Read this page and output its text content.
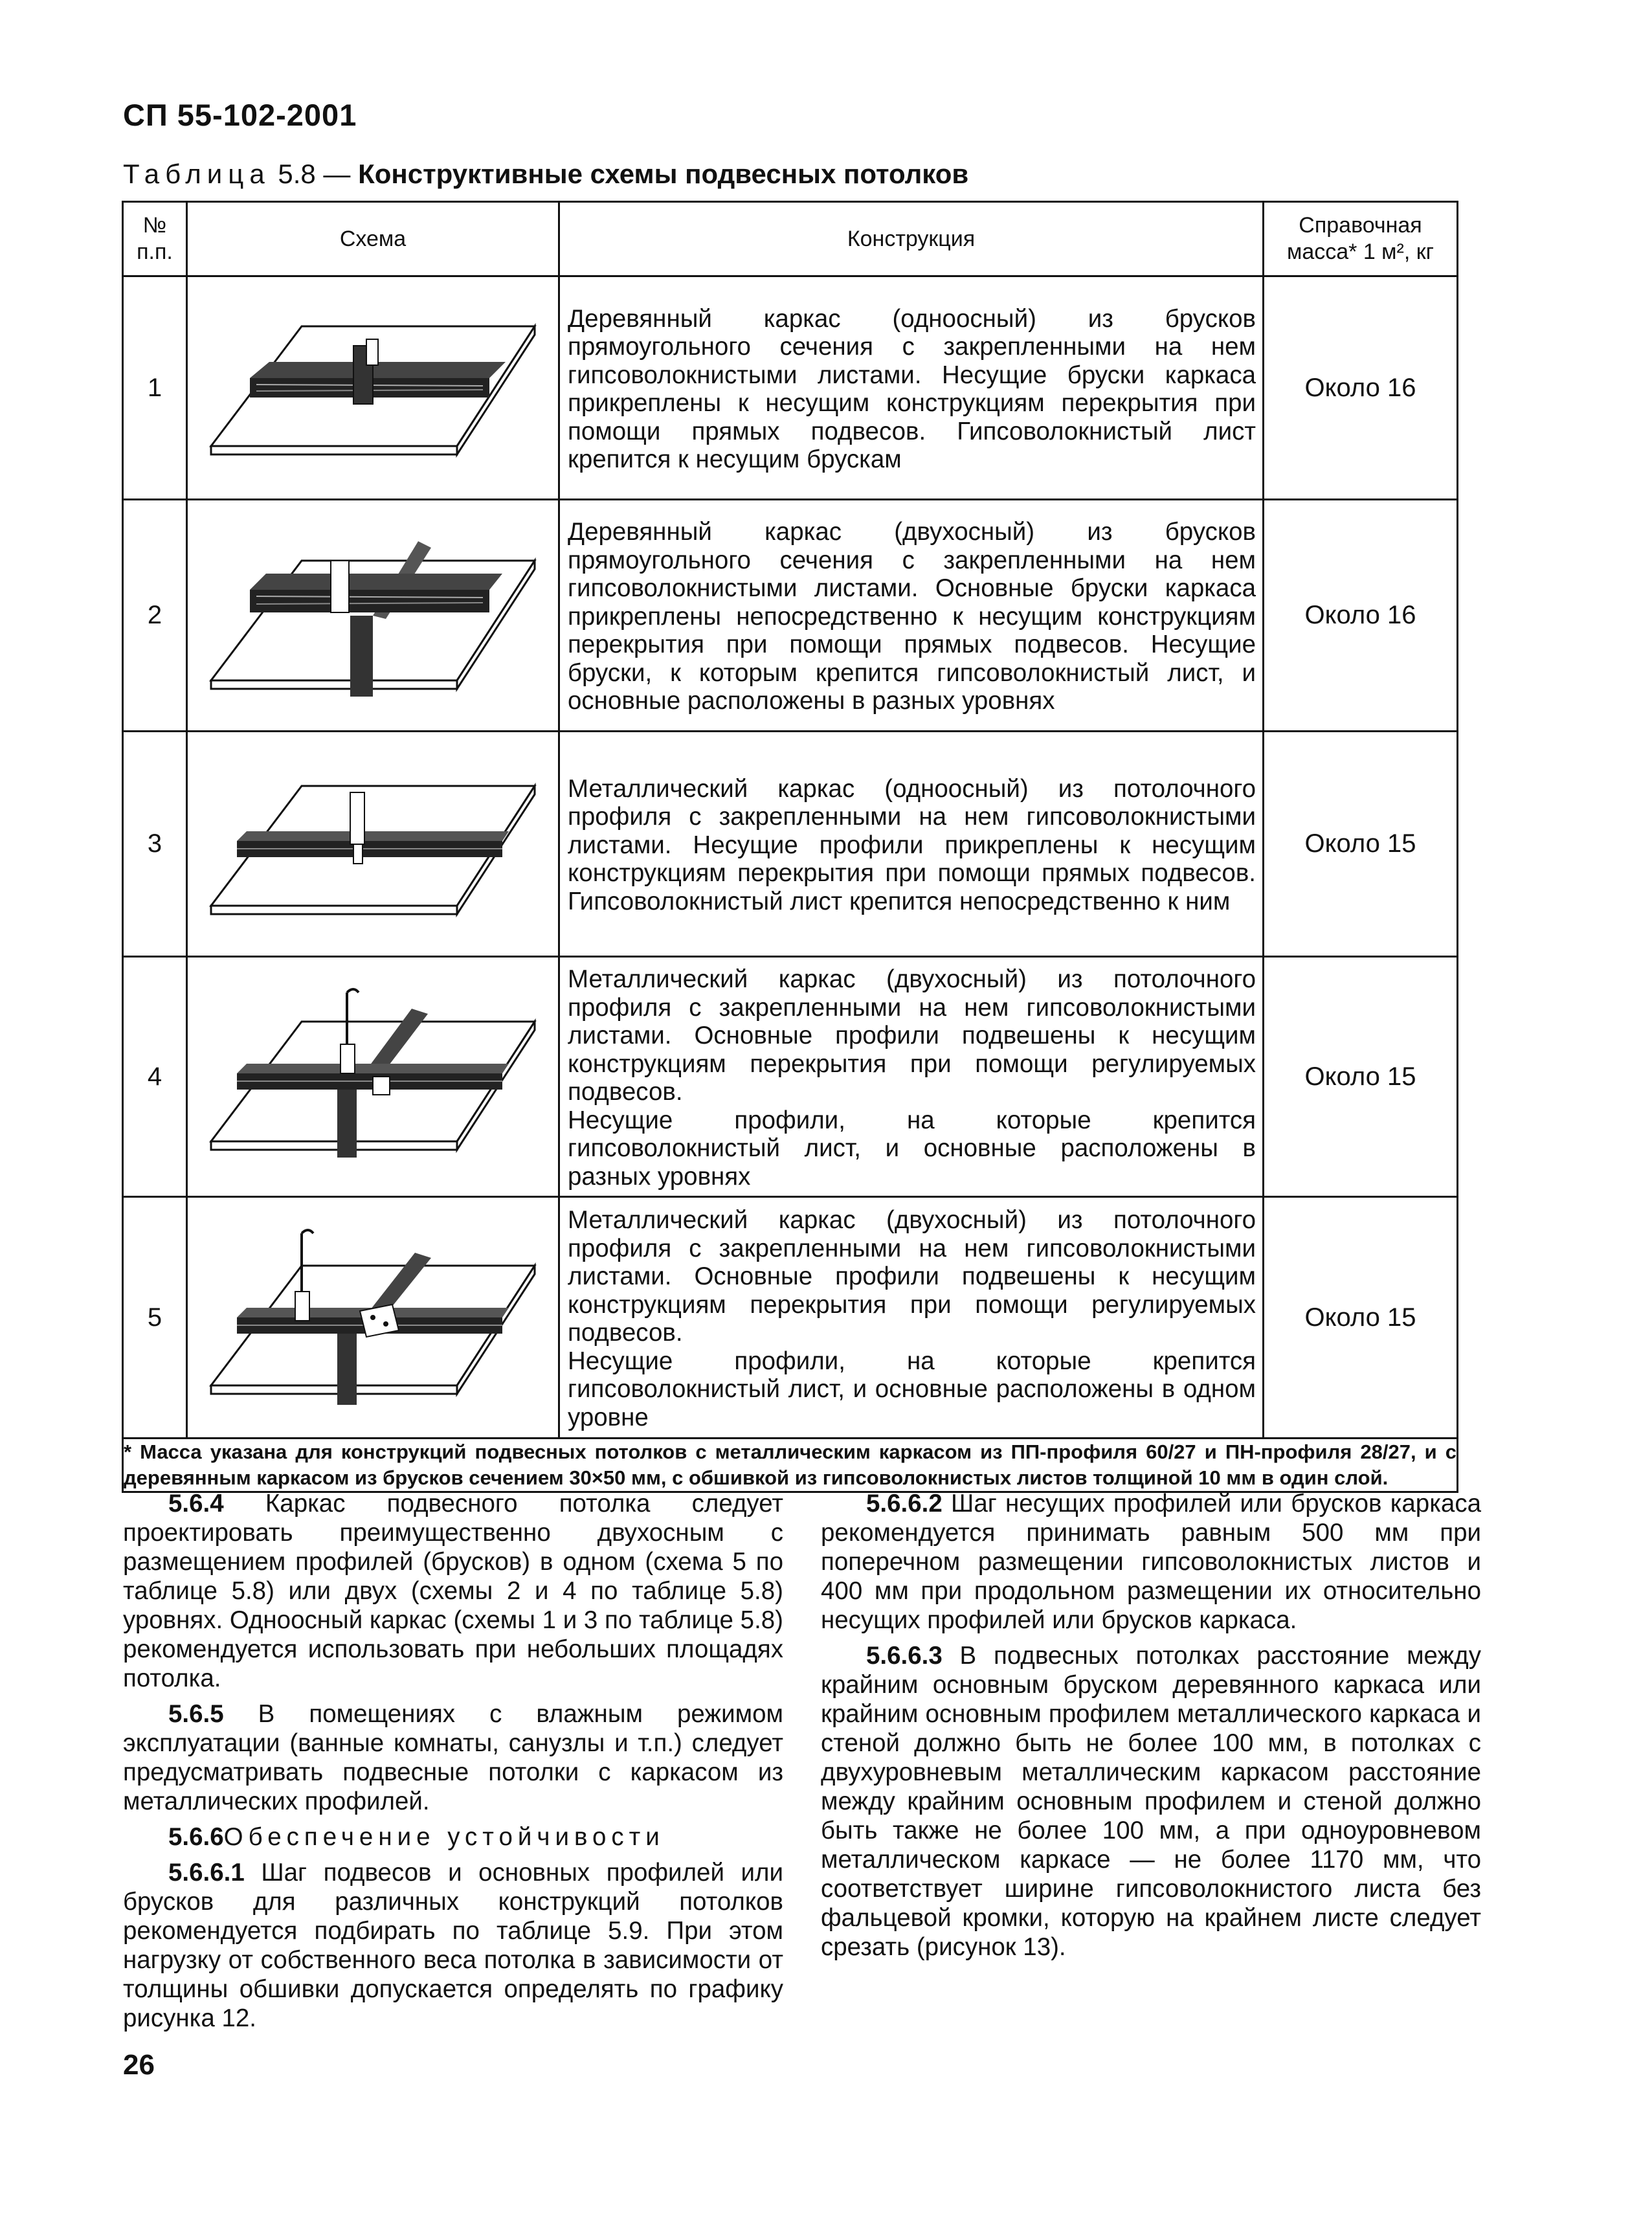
СП 55-102-2001
Таблица 5.8 — Конструктивные схемы подвесных потолков
№ п.п.	Схема	Конструкция	Справочная масса* 1 м², кг
1		Деревянный каркас (одноосный) из брусков прямоугольного сечения с закрепленными на нем гипсоволокнистыми листами. Несущие бруски каркаса прикреплены к несущим конструкциям перекрытия при помощи прямых подвесов. Гипсоволокнистый лист крепится к несущим брускам	Около 16
2		Деревянный каркас (двухосный) из брусков прямоугольного сечения с закрепленными на нем гипсоволокнистыми листами. Основные бруски каркаса прикреплены непосредственно к несущим конструкциям перекрытия при помощи прямых подвесов. Несущие бруски, к которым крепится гипсоволокнистый лист, и основные расположены в разных уровнях	Около 16
3		Металлический каркас (одноосный) из потолочного профиля с закрепленными на нем гипсоволокнистыми листами. Несущие профили прикреплены к несущим конструкциям перекрытия при помощи прямых подвесов. Гипсоволокнистый лист крепится непосредственно к ним	Около 15
4		Металлический каркас (двухосный) из потолочного профиля с закрепленными на нем гипсоволокнистыми листами. Основные профили подвешены к несущим конструкциям перекрытия при помощи регулируемых подвесов.
Несущие профили, на которые крепится гипсоволокнистый лист, и основные расположены в разных уровнях	Около 15
5		Металлический каркас (двухосный) из потолочного профиля с закрепленными на нем гипсоволокнистыми листами. Основные профили подвешены к несущим конструкциям перекрытия при помощи регулируемых подвесов.
Несущие профили, на которые крепится гипсоволокнистый лист, и основные расположены в одном уровне	Около 15
* Масса указана для конструкций подвесных потолков с металлическим каркасом из ПП-профиля 60/27 и ПН-профиля 28/27, и с деревянным каркасом из брусков сечением 30×50 мм, с обшивкой из гипсоволокнистых листов толщиной 10 мм в один слой.			

5.6.4 Каркас подвесного потолка следует проектировать преимущественно двухосным с размещением профилей (брусков) в одном (схема 5 по таблице 5.8) или двух (схемы 2 и 4 по таблице 5.8) уровнях. Одноосный каркас (схемы 1 и 3 по таблице 5.8) рекомендуется использовать при небольших площадях потолка.

5.6.5 В помещениях с влажным режимом эксплуатации (ванные комнаты, санузлы и т.п.) следует предусматривать подвесные потолки с каркасом из металлических профилей.

5.6.6Обеспечение устойчивости

5.6.6.1 Шаг подвесов и основных профилей или брусков для различных конструкций потолков рекомендуется подбирать по таблице 5.9. При этом нагрузку от собственного веса потолка в зависимости от толщины обшивки допускается определять по графику рисунка 12.

5.6.6.2 Шаг несущих профилей или брусков каркаса рекомендуется принимать равным 500 мм при поперечном размещении гипсоволокнистых листов и 400 мм при продольном размещении их относительно несущих профилей или брусков каркаса.

5.6.6.3 В подвесных потолках расстояние между крайним основным бруском деревянного каркаса или крайним основным профилем металлического каркаса и стеной должно быть не более 100 мм, в потолках с двухуровневым металлическим каркасом расстояние между крайним основным профилем и стеной должно быть также не более 100 мм, а при одноуровневом металлическом каркасе — не более 1170 мм, что соответствует ширине гипсоволокнистого листа без фальцевой кромки, которую на крайнем листе следует срезать (рисунок 13).

26
